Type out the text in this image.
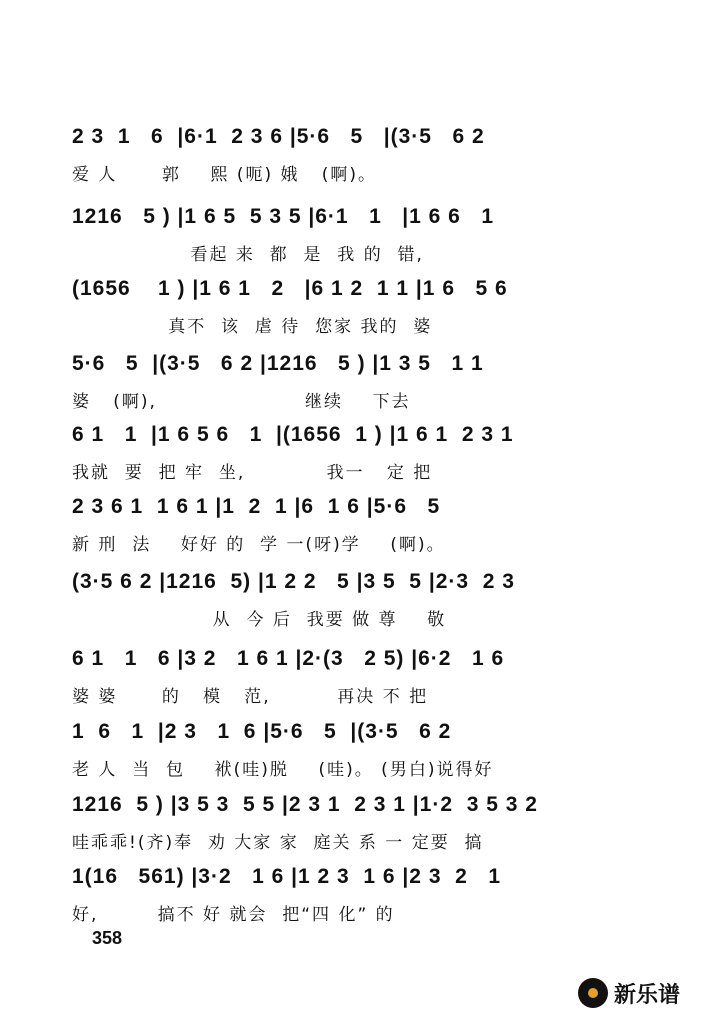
2 3  1   6  |6·1  2 3 6 |5·6   5   |(3·5   6 2
爱 人      郭    熙 (呃) 娥   (啊)。
1216   5 ) |1 6 5  5 3 5 |6·1   1   |1 6 6   1
看起 来  都  是  我 的  错,
(1656    1 ) |1 6 1   2   |6 1 2  1 1 |1 6   5 6
真不  该  虐 待  您家 我的  婆
5·6   5  |(3·5   6 2 |1216   5 ) |1 3 5   1 1
婆   (啊),                    继续    下去
6 1   1  |1 6 5 6   1  |(1656  1 ) |1 6 1  2 3 1
我就  要  把 牢  坐,           我一   定 把
2 3 6 1  1 6 1 |1  2  1 |6  1 6 |5·6   5
新 刑  法    好好 的  学 一(呀)学    (啊)。
(3·5 6 2 |1216  5) |1 2 2   5 |3 5  5 |2·3  2 3
从  今 后  我要 做 尊    敬
6 1   1   6 |3 2   1 6 1 |2·(3   2 5) |6·2   1 6
婆 婆      的   模   范,         再决 不 把
1  6   1  |2 3   1  6 |5·6   5  |(3·5   6 2
老 人  当  包    袱(哇)脱    (哇)。 (男白)说得好
1216  5 ) |3 5 3  5 5 |2 3 1  2 3 1 |1·2  3 5 3 2
哇乖乖!(齐)奉  劝 大家 家  庭关 系 一 定要  搞
1(16   561) |3·2   1 6 |1 2 3  1 6 |2 3  2   1
好,        搞不 好 就会  把“四 化” 的
358
新乐谱
